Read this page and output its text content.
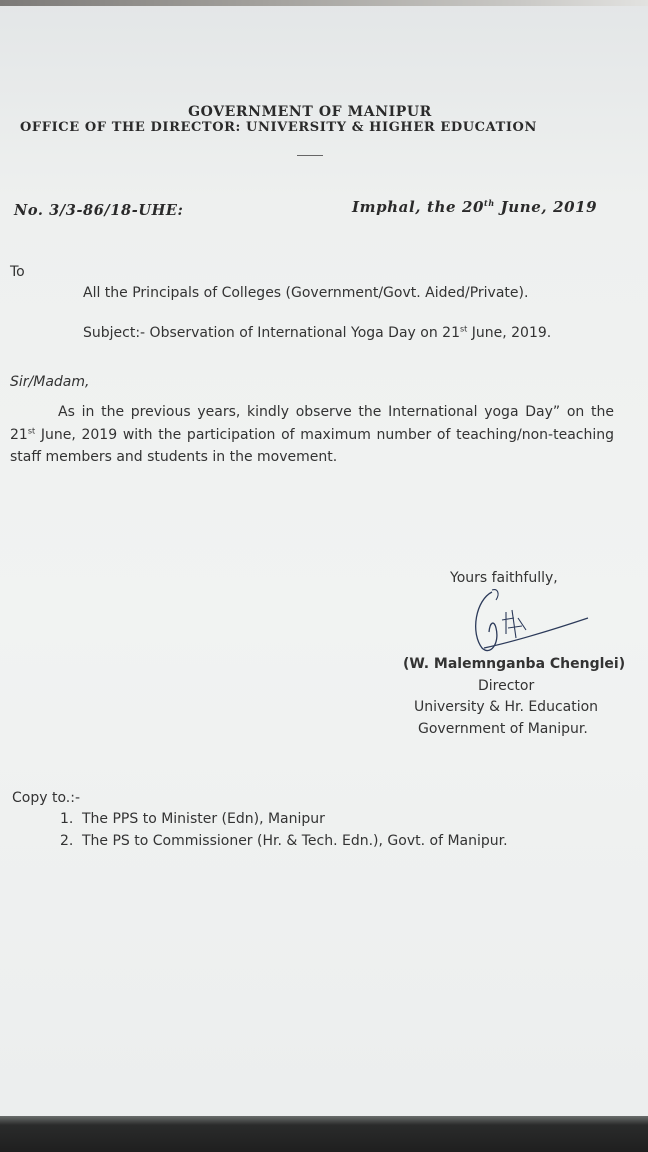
GOVERNMENT OF MANIPUR
OFFICE OF THE DIRECTOR: UNIVERSITY & HIGHER EDUCATION
No. 3/3-86/18-UHE:	Imphal, the 20th June, 2019
To
All the Principals of Colleges (Government/Govt. Aided/Private).
Subject:- Observation of International Yoga Day on 21st June, 2019.
Sir/Madam,
As in the previous years, kindly observe the International yoga Day” on the 21st June, 2019 with the participation of maximum number of teaching/non-teaching staff members and students in the movement.
Yours faithfully,
(W. Malemnganba Chenglei)
Director
University & Hr. Education
Government of Manipur.
Copy to.:-
1. The PPS to Minister (Edn), Manipur
2. The PS to Commissioner (Hr. & Tech. Edn.), Govt. of Manipur.
